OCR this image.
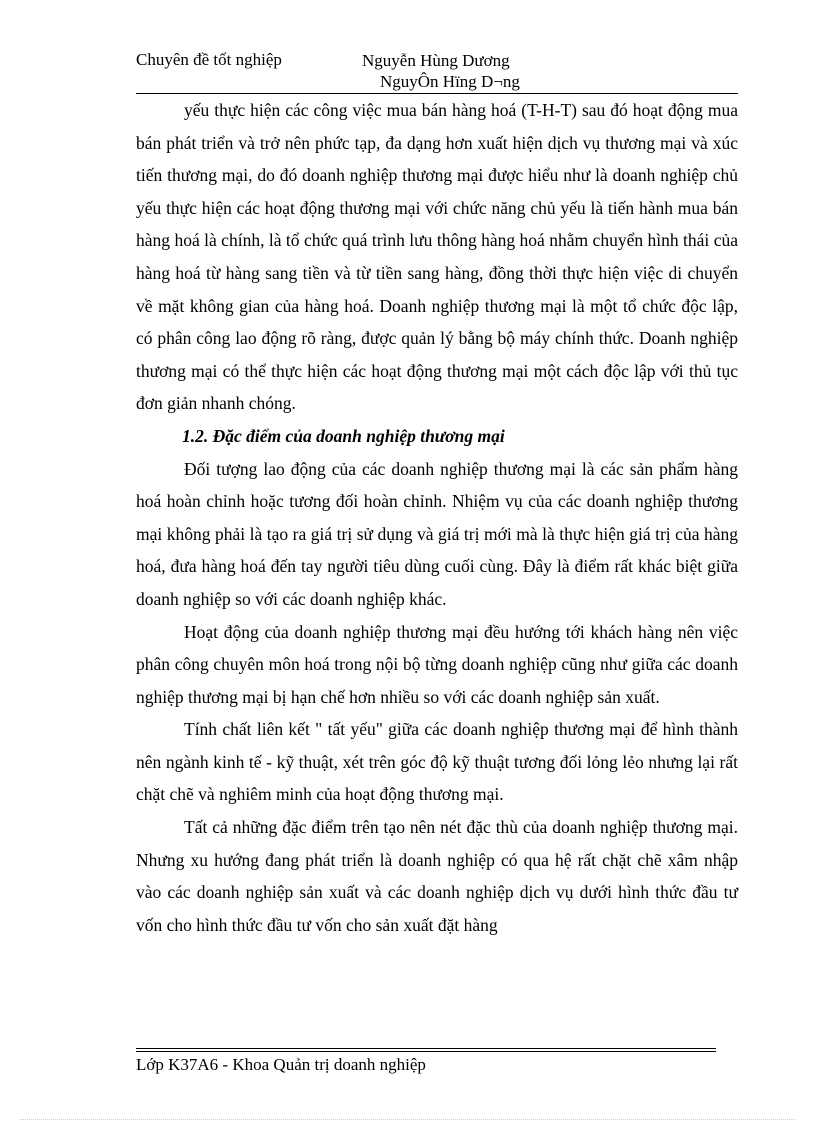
Chuyên đề tốt nghiệp	Nguyễn Hùng Dương
NguyÔn Hïng D¬ng

yếu thực hiện các công việc mua bán hàng hoá (T-H-T) sau đó hoạt động mua bán phát triển và trở nên phức tạp, đa dạng hơn xuất hiện dịch vụ thương mại và xúc tiến thương mại, do đó doanh nghiệp thương mại được hiểu như là doanh nghiệp chủ yếu thực hiện các hoạt động thương mại với chức năng chủ yếu là tiến hành mua bán hàng hoá là chính, là tổ chức quá trình lưu thông hàng hoá nhằm chuyển hình thái của hàng hoá từ hàng sang tiền và từ tiền sang hàng, đồng thời thực hiện việc di chuyển về mặt không gian của hàng hoá. Doanh nghiệp thương mại là một tổ chức độc lập, có phân công lao động rõ ràng, được quản lý bằng bộ máy chính thức. Doanh nghiệp thương mại có thể thực hiện các hoạt động thương mại một cách độc lập với thủ tục đơn giản nhanh chóng.

1.2. Đặc điểm của doanh nghiệp thương mại

Đối tượng lao động của các doanh nghiệp thương mại là các sản phẩm hàng hoá hoàn chỉnh hoặc tương đối hoàn chỉnh. Nhiệm vụ của các doanh nghiệp thương mại không phải là tạo ra giá trị sử dụng và giá trị mới mà là thực hiện giá trị của hàng hoá, đưa hàng hoá đến tay người tiêu dùng cuối cùng. Đây là điểm rất khác biệt giữa doanh nghiệp so với các doanh nghiệp khác.

Hoạt động của doanh nghiệp thương mại đều hướng tới khách hàng nên việc phân công chuyên môn hoá trong nội bộ từng doanh nghiệp cũng như giữa các doanh nghiệp thương mại bị hạn chế hơn nhiều so với các doanh nghiệp sản xuất.

Tính chất liên kết " tất yếu" giữa các doanh nghiệp thương mại để hình thành nên ngành kinh tế - kỹ thuật, xét trên góc độ kỹ thuật tương đối lỏng lẻo nhưng lại rất chặt chẽ và nghiêm minh của hoạt động thương mại.

Tất cả những đặc điểm trên tạo nên nét đặc thù của doanh nghiệp thương mại. Nhưng xu hướng đang phát triển là doanh nghiệp có qua hệ rất chặt chẽ xâm nhập vào các doanh nghiệp sản xuất và các doanh nghiệp dịch vụ dưới hình thức đầu tư vốn cho hình thức đầu tư vốn cho sản xuất đặt hàng

Lớp K37A6 - Khoa Quản trị doanh nghiệp
